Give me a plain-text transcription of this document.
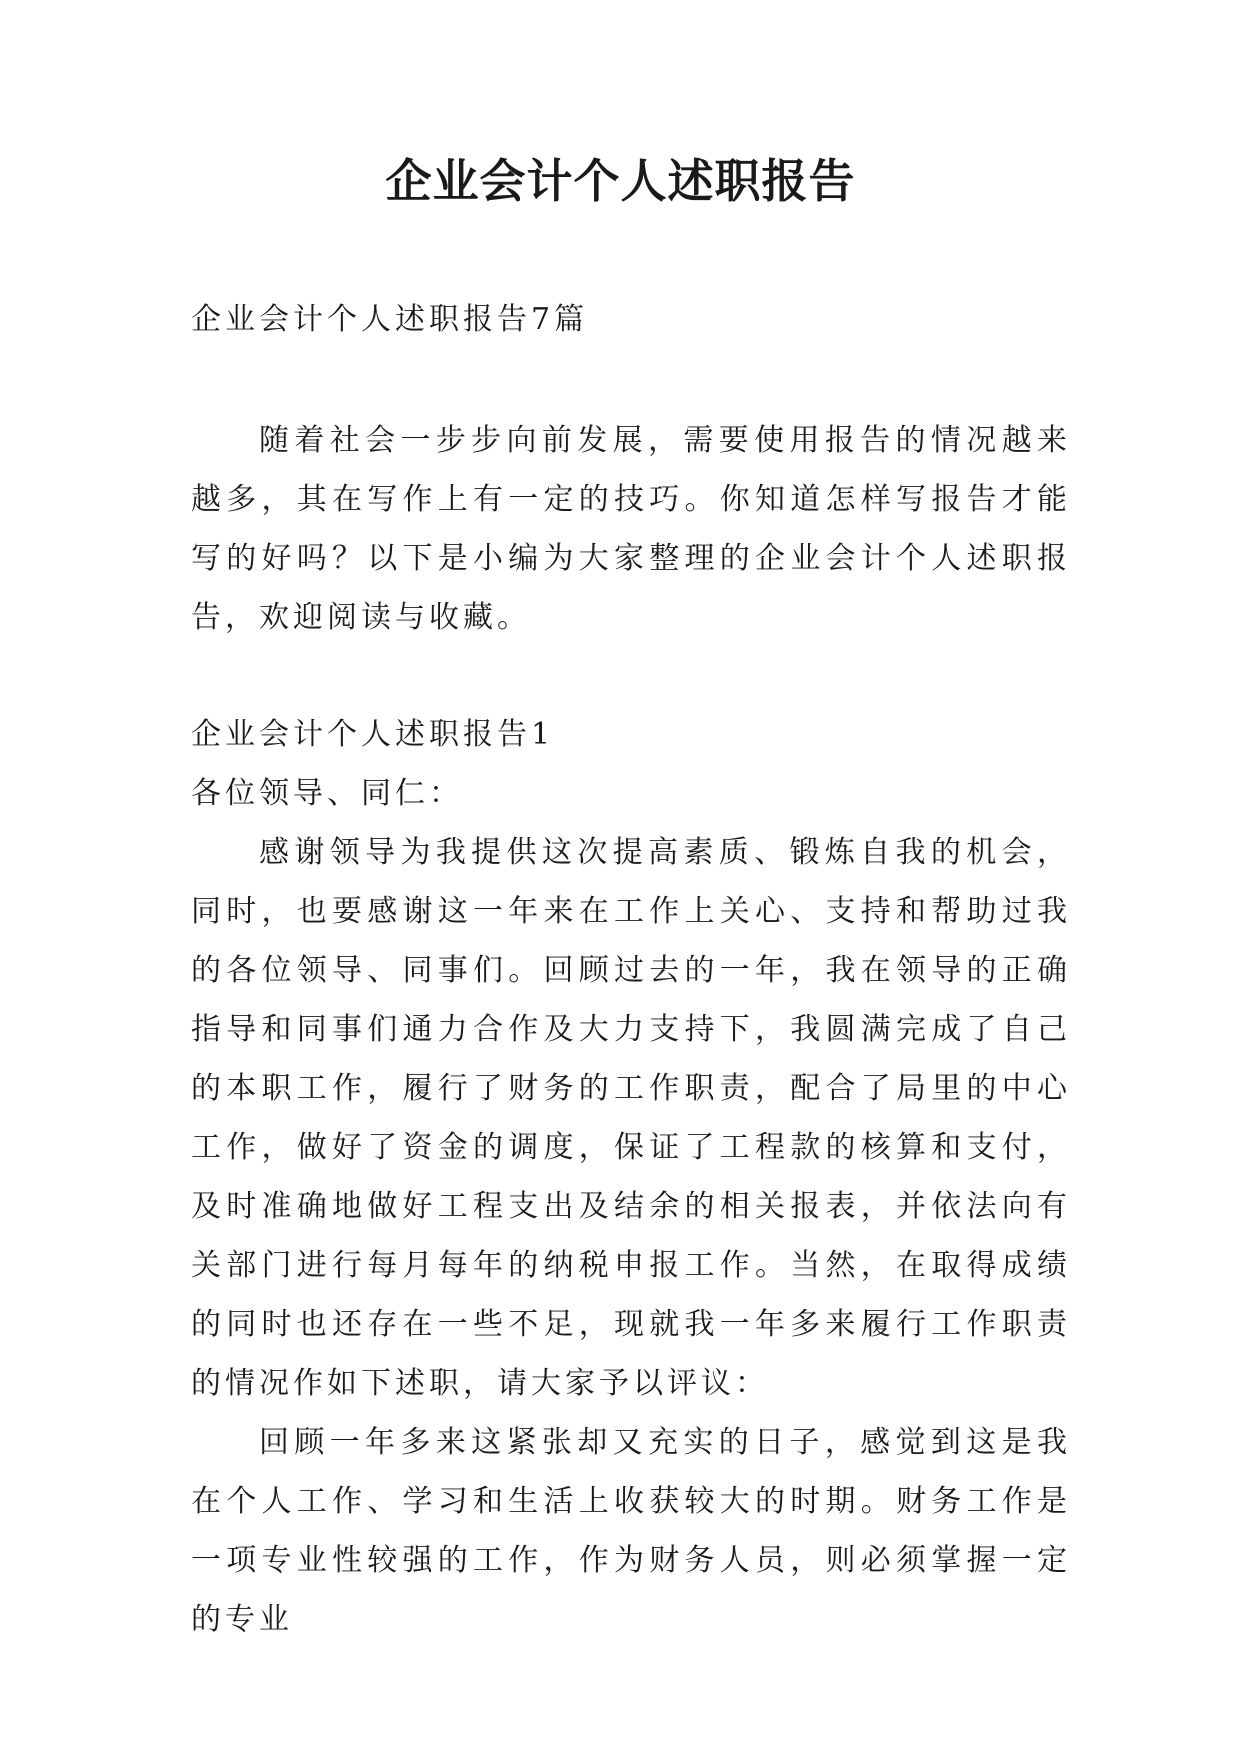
企业会计个人述职报告

企业会计个人述职报告7篇

随着社会一步步向前发展，需要使用报告的情况越来越多，其在写作上有一定的技巧。你知道怎样写报告才能写的好吗？以下是小编为大家整理的企业会计个人述职报告，欢迎阅读与收藏。

企业会计个人述职报告1

各位领导、同仁：

感谢领导为我提供这次提高素质、锻炼自我的机会，同时，也要感谢这一年来在工作上关心、支持和帮助过我的各位领导、同事们。回顾过去的一年，我在领导的正确指导和同事们通力合作及大力支持下，我圆满完成了自己的本职工作，履行了财务的工作职责，配合了局里的中心工作，做好了资金的调度，保证了工程款的核算和支付，及时准确地做好工程支出及结余的相关报表，并依法向有关部门进行每月每年的纳税申报工作。当然，在取得成绩的同时也还存在一些不足，现就我一年多来履行工作职责的情况作如下述职，请大家予以评议：

回顾一年多来这紧张却又充实的日子，感觉到这是我在个人工作、学习和生活上收获较大的时期。财务工作是一项专业性较强的工作，作为财务人员，则必须掌握一定的专业
